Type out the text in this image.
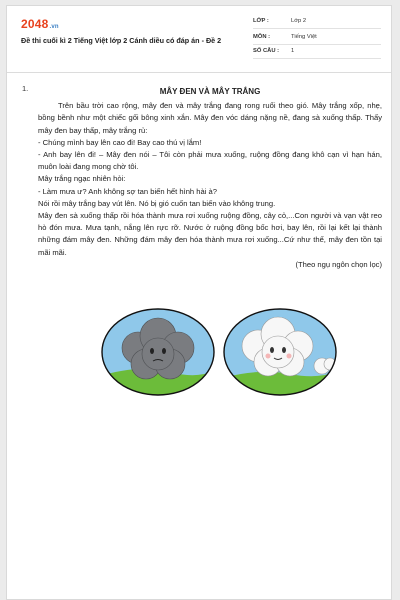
2048.vn
Đề thi cuối kì 2 Tiếng Việt lớp 2 Cánh diều có đáp án - Đề 2
LỚP :	Lớp 2
MÔN :	Tiếng Việt
SỐ CÂU : 1
1.	MÂY ĐEN VÀ MÂY TRẮNG

Trên bầu trời cao rộng, mây đen và mây trắng đang rong ruổi theo gió. Mây trắng xốp, nhẹ, bồng bềnh như một chiếc gối bông xinh xắn. Mây đen vóc dáng nặng nề, đang sà xuống thấp. Thấy mây đen bay thấp, mây trắng rủ:

- Chúng mình bay lên cao đi! Bay cao thú vị lắm!

- Anh bay lên đi! – Mây đen nói – Tôi còn phải mưa xuống, ruộng đồng đang khô cạn vì hạn hán, muôn loài đang mong chờ tôi.

Mây trắng ngạc nhiên hỏi:

- Làm mưa ư? Anh không sợ tan biến hết hình hài à?

Nói rồi mây trắng bay vút lên. Nó bị gió cuốn tan biến vào không trung.

Mây đen sà xuống thấp rồi hóa thành mưa rơi xuống ruộng đồng, cây cỏ,...Con người và vạn vật reo hò đón mưa. Mưa tạnh, nắng lên rực rỡ. Nước ở ruộng đồng bốc hơi, bay lên, rồi lại kết lại thành những đám mây đen. Những đám mây đen hóa thành mưa rơi xuống...Cứ như thế, mây đen tồn tại mãi mãi.

(Theo ngụ ngôn chọn lọc)
